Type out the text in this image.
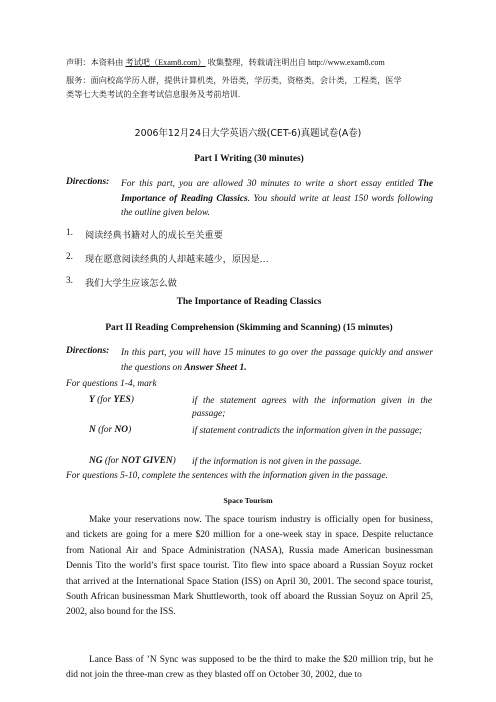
声明：本资料由 考试吧（Exam8.com） 收集整理，转载请注明出自 http://www.exam8.com
服务：面向校高学历人群，提供计算机类，外语类，学历类，资格类，会计类，工程类，医学
类等七大类考试的全套考试信息服务及考前培训.
2006年12月24日大学英语六级(CET-6)真题试卷(A卷)
Part I Writing (30 minutes)
Directions: For this part, you are allowed 30 minutes to write a short essay entitled The Importance of Reading Classics. You should write at least 150 words following the outline given below.
1. 阅读经典书籍对人的成长至关重要
2. 现在愿意阅读经典的人却越来越少，原因是…
3. 我们大学生应该怎么做
The Importance of Reading Classics
Part II Reading Comprehension (Skimming and Scanning) (15 minutes)
Directions: In this part, you will have 15 minutes to go over the passage quickly and answer the questions on Answer Sheet 1.
For questions 1-4, mark
Y (for YES)	if the statement agrees with the information given in the passage;
N (for NO)	if statement contradicts the information given in the passage;
NG (for NOT GIVEN) if the information is not given in the passage.
For questions 5-10, complete the sentences with the information given in the passage.
Space Tourism
Make your reservations now. The space tourism industry is officially open for business, and tickets are going for a mere $20 million for a one-week stay in space. Despite reluctance from National Air and Space Administration (NASA), Russia made American businessman Dennis Tito the world’s first space tourist. Tito flew into space aboard a Russian Soyuz rocket that arrived at the International Space Station (ISS) on April 30, 2001. The second space tourist, South African businessman Mark Shuttleworth, took off aboard the Russian Soyuz on April 25, 2002, also bound for the ISS.
Lance Bass of ’N Sync was supposed to be the third to make the $20 million trip, but he did not join the three-man crew as they blasted off on October 30, 2002, due to
